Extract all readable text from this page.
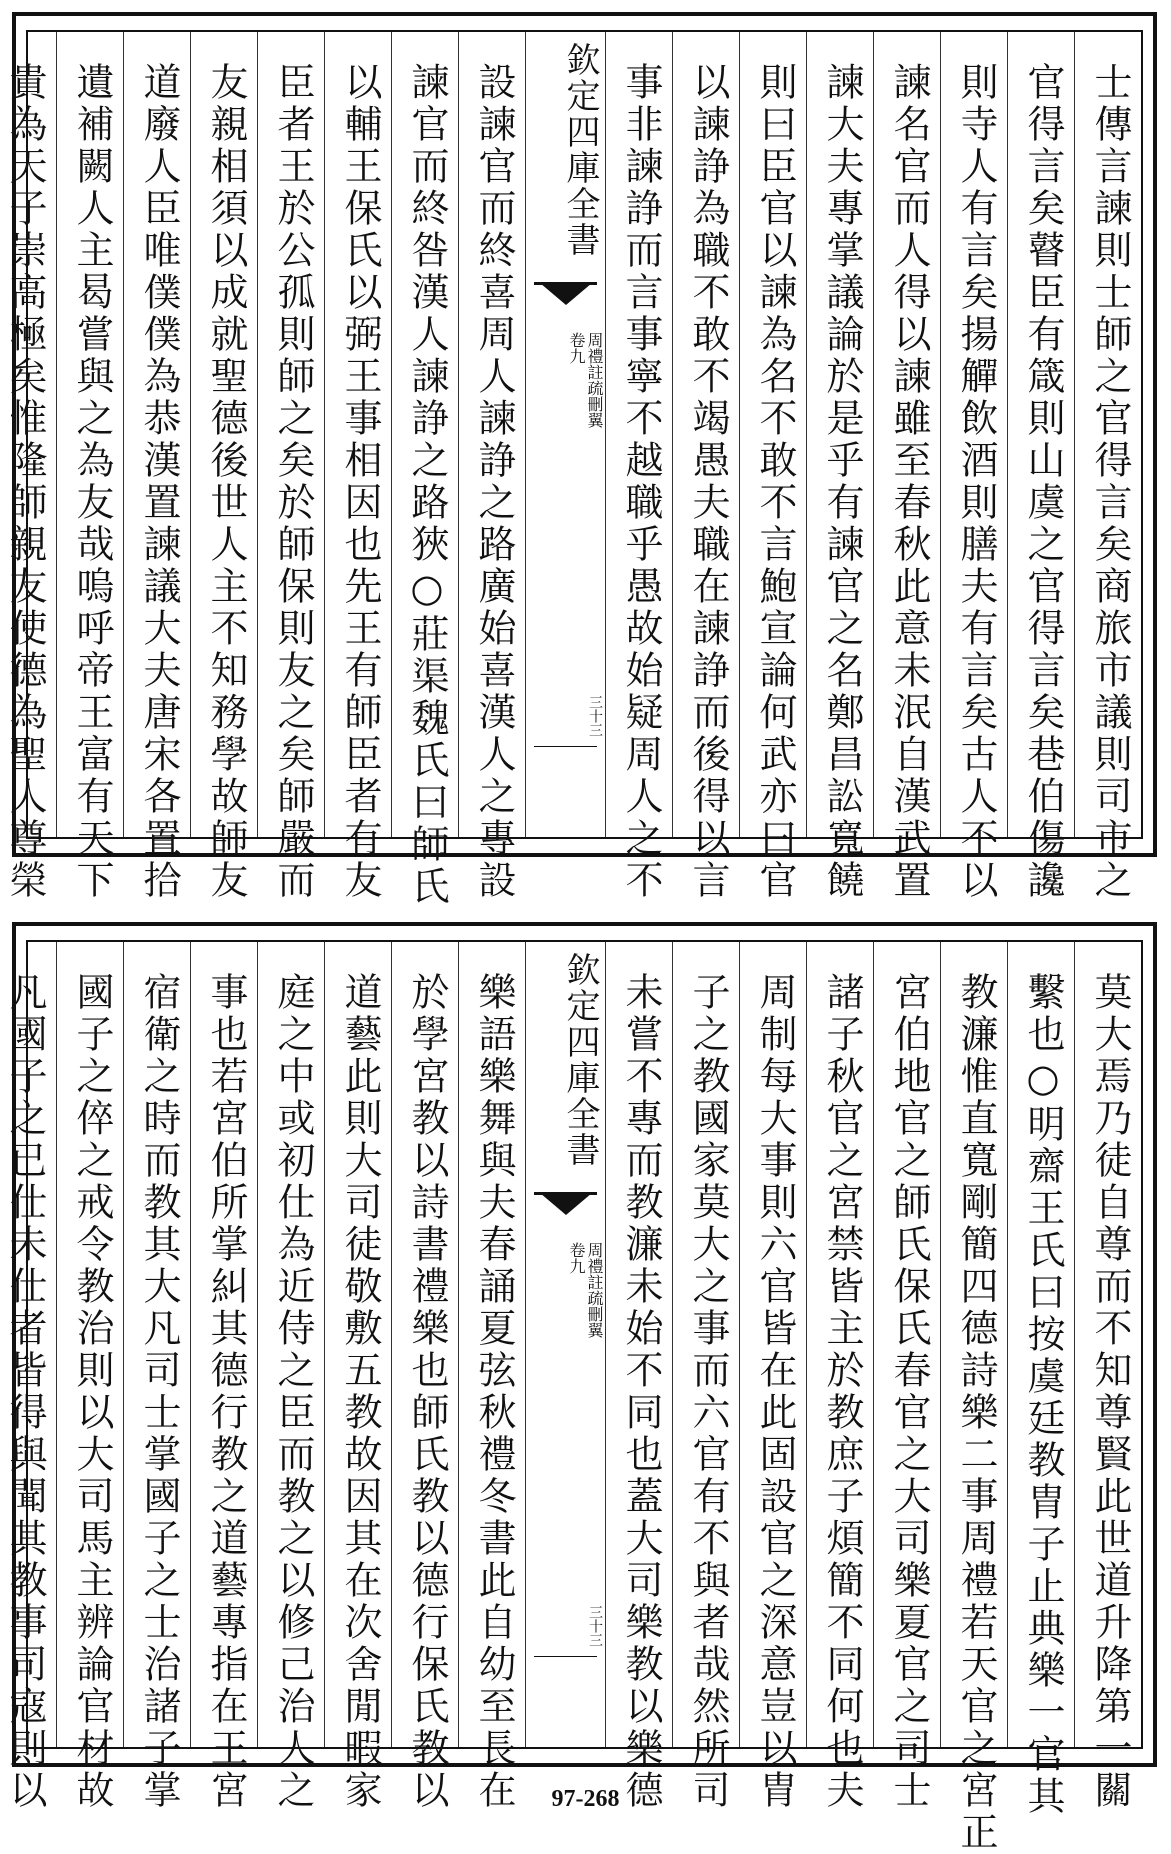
士傳言諫則士師之官得言矣商旅市議則司市之
官得言矣瞽臣有箴則山虞之官得言矣巷伯傷讒
則寺人有言矣揚觶飲酒則膳夫有言矣古人不以
諫名官而人得以諫雖至春秋此意未泯自漢武置
諫大夫專掌議論於是乎有諫官之名鄭昌訟寬饒
則曰臣官以諫為名不敢不言鮑宣論何武亦曰官
以諫諍為職不敢不竭愚夫職在諫諍而後得以言
事非諫諍而言事寧不越職乎愚故始疑周人之不
欽定四庫全書
周禮註疏刪翼
卷九
三十三
設諫官而終喜周人諫諍之路廣始喜漢人之專設
諫官而終咎漢人諫諍之路狹○莊渠魏氏曰師氏
以輔王保氏以弼王事相因也先王有師臣者有友
臣者王於公孤則師之矣於師保則友之矣師嚴而
友親相須以成就聖德後世人主不知務學故師友
道廢人臣唯僕僕為恭漢置諫議大夫唐宋各置拾
遺補闕人主曷嘗與之為友哉嗚呼帝王富有天下
貴為天子崇高極矣惟隆師親友使德為聖人尊榮
莫大焉乃徒自尊而不知尊賢此世道升降第一關
繫也○明齋王氏曰按虞廷教胄子止典樂一官其
教濂惟直寬剛簡四德詩樂二事周禮若天官之宮正
宮伯地官之師氏保氏春官之大司樂夏官之司士
諸子秋官之宮禁皆主於教庶子煩簡不同何也夫
周制每大事則六官皆在此固設官之深意豈以胄
子之教國家莫大之事而六官有不與者哉然所司
未嘗不專而教濂未始不同也蓋大司樂教以樂德
欽定四庫全書
周禮註疏刪翼
卷九
三十三
樂語樂舞與夫春誦夏弦秋禮冬書此自幼至長在
於學宮教以詩書禮樂也師氏教以德行保氏教以
道藝此則大司徒敬敷五教故因其在次舍閒暇家
庭之中或初仕為近侍之臣而教之以修己治人之
事也若宮伯所掌糾其德行教之道藝專指在王宮
宿衛之時而教其大凡司士掌國子之士治諸子掌
國子之倅之戒令教治則以大司馬主辨論官材故
凡國子之已仕未仕者皆得與聞其教事司寇則以	97-268
